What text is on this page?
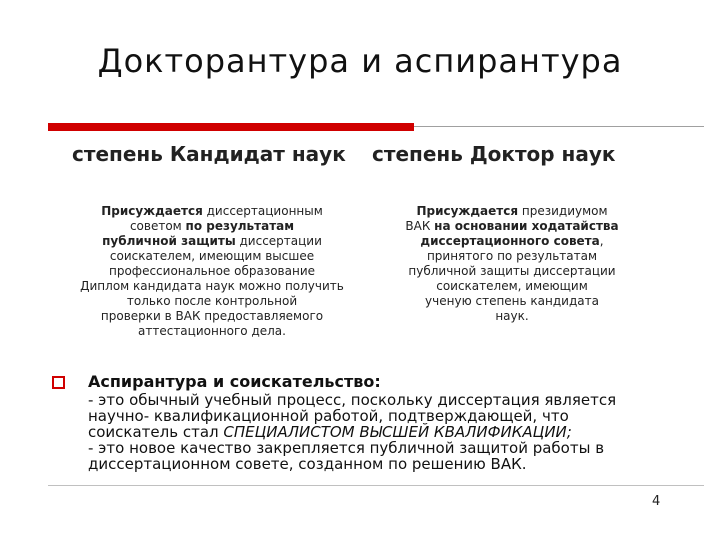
Докторантура и аспирантура
степень Кандидат наук степень Доктор наук
Присуждается диссертационным
советом по результатам
публичной защиты диссертации
соискателем, имеющим высшее
профессиональное образование
Диплом кандидата наук можно получить
только после контрольной
проверки в ВАК предоставляемого
аттестационного дела.
Присуждается президиумом
ВАК на основании ходатайства
диссертационного совета,
принятого по результатам
публичной защиты диссертации
соискателем, имеющим
ученую степень кандидата
наук.
Аспирантура и соискательство:
- это обычный учебный процесс, поскольку диссертация является
научно- квалификационной работой, подтверждающей, что
соискатель стал СПЕЦИАЛИСТОМ ВЫСШЕЙ КВАЛИФИКАЦИИ;
- это новое качество закрепляется публичной защитой работы в
диссертационном совете, созданном по решению ВАК.
4
